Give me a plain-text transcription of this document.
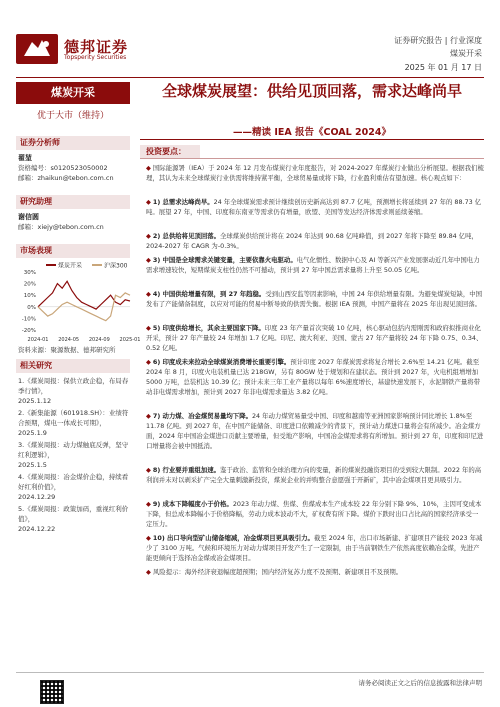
德邦证券
Topsperity Securities
证券研究报告 | 行业深度
煤炭开采
2025 年 01 月 17 日
煤炭开采
优于大市（维持）
证券分析师
翟堃
资格编号：s0120523050002
邮箱：zhaikun@tebon.com.cn
研究助理
谢信圆
邮箱：xiejy@tebon.com.cn
市场表现
煤炭开采	沪深300
30%
20%
10%
0%
-10%
-20%
2024-01 2024-05 2024-09 2025-01
资料来源：聚源数据、德邦研究所
相关研究
1.《煤炭周报：保供立政企稳，布局春季行情》，
2025.1.12
2.《新集能源（601918.SH）：业绩符合预期，煤电一体成长可期》，
2025.1.9
3.《煤炭周报：动力煤触底反弹，坚守红利逻辑》，
2025.1.5
4.《煤炭周报：冶金煤价企稳，持续看好红利价值》，
2024.12.29
5.《煤炭周报：政策加码，重视红利价值》，
2024.12.22
全球煤炭展望：供给见顶回落，需求达峰尚早
——精读 IEA 报告《COAL 2024》
投资要点：
◆ 国际能源署（IEA）于 2024 年 12 月发布煤炭行业年度报告，对 2024-2027 年煤炭行业做出分析展望。根据我们梳理，其认为未来全球煤炭行业供需将维持紧平衡，全球贸易量或将下降，行业盈利重估有望加速。核心观点如下：
◆ 1) 总需求达峰尚早。24 年全球煤炭需求预计继续创历史新高达到 87.7 亿吨，预测增长将延续到 27 年的 88.73 亿吨。展望 27 年，中国、印度和东南亚等需求仍有增量，欧盟、美国等发达经济体需求则延续萎缩。
◆ 2) 总供给将见顶回落。全球煤炭供给预计将在 2024 年达到 90.68 亿吨峰值，到 2027 年将下降至 89.84 亿吨，2024-2027 年 CAGR 为-0.3%。
◆ 3) 中国是全球需求关键变量，主要依靠火电驱动。电气化惯性、数据中心及 AI 等新兴产业发展驱动近几年中国电力需求增速较快，短期煤炭支柱性仍然不可撼动，预计到 27 年中国总需求量将上升至 50.05 亿吨。
◆ 4) 中国供给增量有限，到 27 年趋稳。受到山西安监等因素影响，中国 24 年供给增量有限。为避免煤炭短缺，中国发布了产能储备制度，以应对可能的贸易中断导致的供需失衡。根据 IEA 预测，中国产量将在 2025 年出现见顶回落。
◆ 5) 印度供给增长，其余主要国家下降。印度 23 年产量首次突破 10 亿吨，核心驱动包括内需刚需和政府拟推商业化开采，预计 27 年产量较 24 年增加 1.7 亿吨。印尼、澳大利亚、美国、蒙古 27 年产量将较 24 年下降 0.75、0.34、0.52 亿吨。
◆ 6) 印度成未来拉动全球煤炭消费增长重要引擎。预计印度 2027 年煤炭需求将复合增长 2.6%至 14.21 亿吨。截至 2024 年 8 月，印度火电装机量已达 218GW，另有 80GW 处于规划和在建状态。预计到 2027 年，火电机组增增加 5000 万吨，总装机达 10.39 亿；预计未来三年工业产量将以每年 6%速度增长，基建快速发展下，水泥钢铁产量将带动非电煤需求增加，预计到 2027 年非电煤需求量达 3.82 亿吨。
◆ 7) 动力煤、冶金煤贸易量均下降。24 年动力煤贸易量受中国、印度和越南等亚洲国家影响预计同比增长 1.8%至 11.78 亿吨。到 2027 年，在中国产能储备、印度进口依赖减少的背景下，预计动力煤进口量将会有所减少。冶金煤方面，2024 年中国冶金煤进口贡献主要增量，但受地产影响，中国冶金煤需求将有所增加。预计到 27 年，印度和印尼进口增量将会被中国抵消。
◆ 8) 行业要并重组加速。鉴于政治、监管和全球治理方向的变量，新的煤炭投融资项目的受到较大限制。2022 年的高利润并未对以剥采扩产完全大量刺激新投资，煤炭企业的并购整合意愿强于开新矿，其中冶金煤项目更具吸引力。
◆ 9) 成本下降幅度小于价格。2023 年动力煤、焦煤、焦煤成本生产成本较 22 年分别下降 9%、10%，主因可变成本下降，但总成本降幅小于价格降幅，劳动力成本波动不大，矿权费有所下降。煤价下跌时出口占比高的国家经济承受一定压力。
◆ 10) 出口导向型矿山储备缩减，冶金煤项目更具吸引力。截至 2024 年，出口市场新建、扩建项目产能较 2023 年减少了 3100 万吨。气候和环境压力对动力煤项目开发产生了一定限制，由于当前钢铁生产依然高度依赖冶金煤，先进产能更倾向于选择冶金煤或冶金煤项目。
◆ 风险提示：海外经济衰退幅度超预期；国内经济复苏力度不及预期、新建项目不及预期。
请务必阅读正文之后的信息披露和法律声明
